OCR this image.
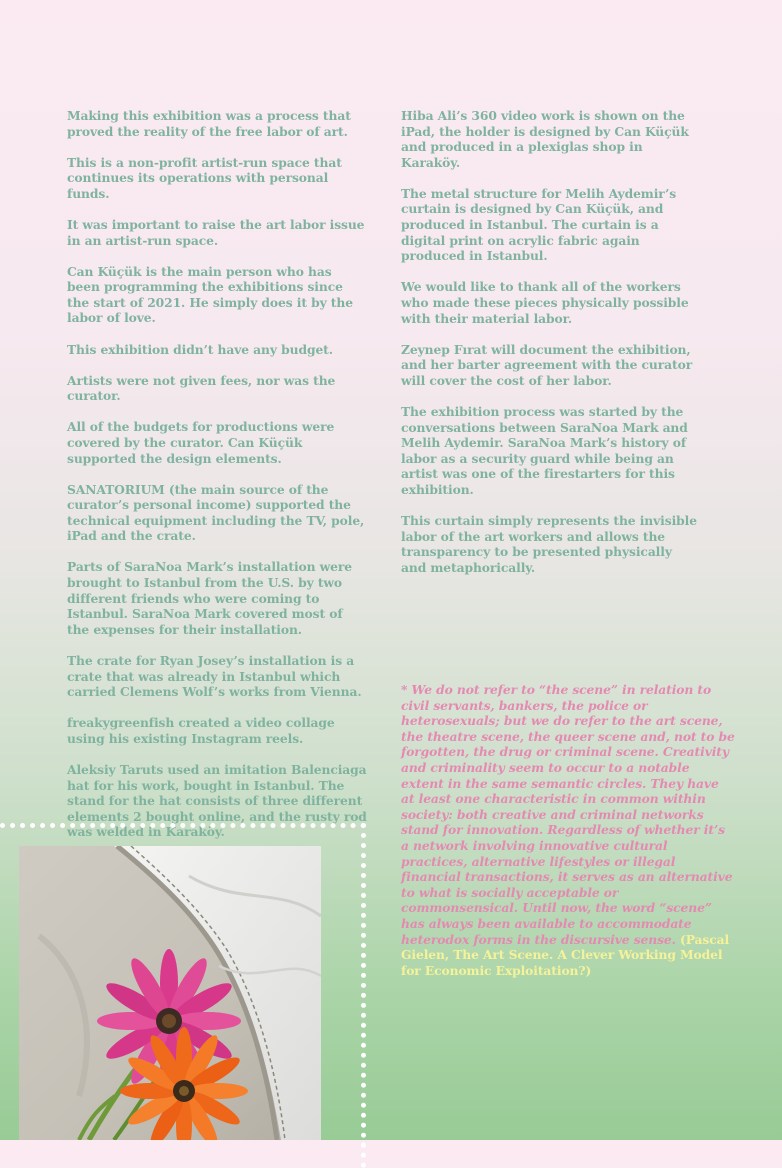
Making this exhibition was a process that proved the reality of the free labor of art.

This is a non-profit artist-run space that continues its operations with personal funds.

It was important to raise the art labor issue in an artist-run space.

Can Küçük is the main person who has been programming the exhibitions since the start of 2021. He simply does it by the labor of love.

This exhibition didn’t have any budget.

Artists were not given fees, nor was the curator.

All of the budgets for productions were covered by the curator. Can Küçük supported the design elements.

SANATORIUM (the main source of the curator’s personal income) supported the technical equipment including the TV, pole, iPad and the crate.

Parts of SaraNoa Mark’s installation were brought to Istanbul from the U.S. by two different friends who were coming to Istanbul. SaraNoa Mark covered most of the expenses for their installation.

The crate for Ryan Josey’s installation is a crate that was already in Istanbul which carried Clemens Wolf’s works from Vienna.

freakygreenfish created a video collage using his existing Instagram reels.

Aleksiy Taruts used an imitation Balenciaga hat for his work, bought in Istanbul. The stand for the hat consists of three different elements 2 bought online, and the rusty rod was welded in Karaköy.

Hiba Ali’s 360 video work is shown on the iPad, the holder is designed by Can Küçük and produced in a plexiglas shop in Karaköy.

The metal structure for Melih Aydemir’s curtain is designed by Can Küçük, and produced in Istanbul. The curtain is a digital print on acrylic fabric again produced in Istanbul.

We would like to thank all of the workers who made these pieces physically possible with their material labor.

Zeynep Fırat will document the exhibition, and her barter agreement with the curator will cover the cost of her labor.

The exhibition process was started by the conversations between SaraNoa Mark and Melih Aydemir. SaraNoa Mark’s history of labor as a security guard while being an artist was one of the firestarters for this exhibition.

This curtain simply represents the invisible labor of the art workers and allows the transparency to be presented physically and metaphorically.

* We do not refer to “the scene” in relation to civil servants, bankers, the police or heterosexuals; but we do refer to the art scene, the theatre scene, the queer scene and, not to be forgotten, the drug or criminal scene. Creativity and criminality seem to occur to a notable extent in the same semantic circles. They have at least one characteristic in common within society: both creative and criminal networks stand for innovation. Regardless of whether it’s a network involving innovative cultural practices, alternative lifestyles or illegal financial transactions, it serves as an alternative to what is socially acceptable or commonsensical. Until now, the word “scene” has always been available to accommodate heterodox forms in the discursive sense. (Pascal Gielen, The Art Scene. A Clever Working Model for Economic Exploitation?)
